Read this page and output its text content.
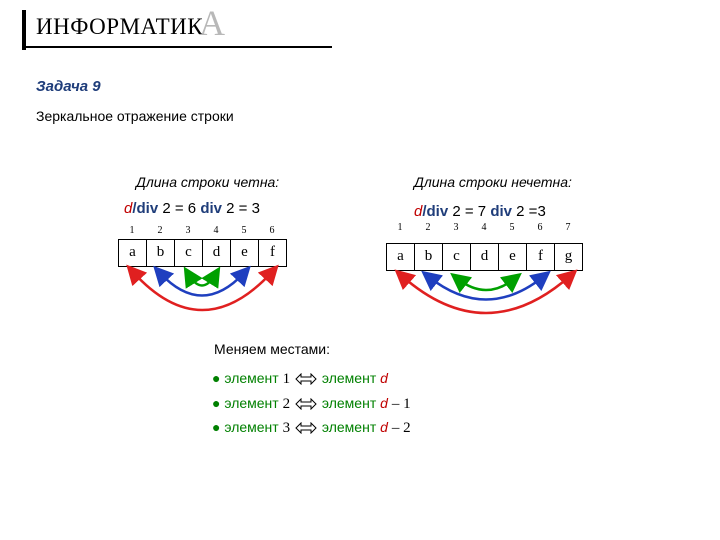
ИНФОРМАТИК
А
Задача 9
Зеркальное отражение строки
Длина строки четна:
d/div 2 = 6 div 2 = 3
1	2	3	4	5	6
a	b	c	d	e	f
Длина строки нечетна:
d/div 2 = 7 div 2 =3
1	2	3	4	5	6	7
a	b	c	d	e	f	g
Меняем местами:
● элемент 1 элемент d
● элемент 2 элемент d – 1
● элемент 3 элемент d – 2
